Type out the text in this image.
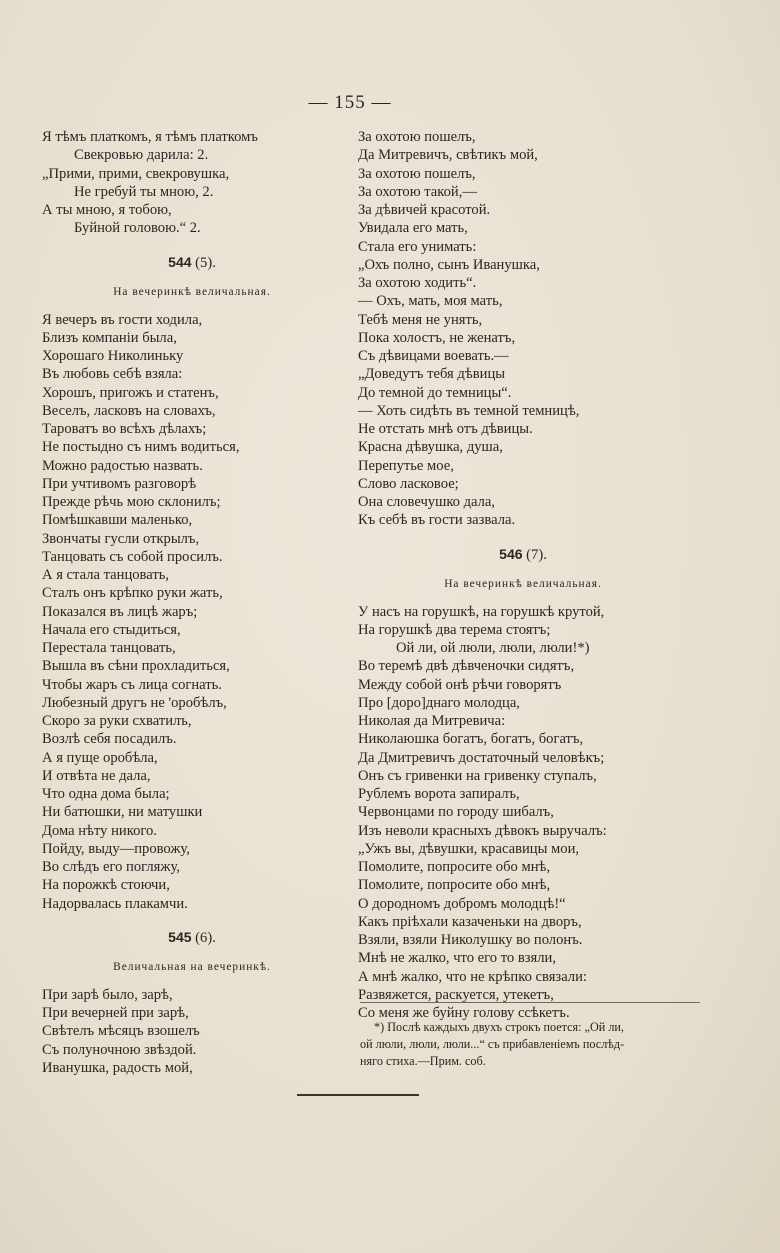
— 155 —
Я тѣмъ платкомъ, я тѣмъ платкомъ
Свекровью дарила: 2.
„Прими, прими, свекровушка,
Не гребуй ты мною, 2.
А ты мною, я тобою,
Буйной головою.“ 2.
544 (5).
На вечеринкѣ величальная.
Я вечеръ въ гости ходила,
Близъ компаніи была,
Хорошаго Николиньку
Въ любовь себѣ взяла:
Хорошъ, пригожъ и статенъ,
Веселъ, ласковъ на словахъ,
Тароватъ во всѣхъ дѣлахъ;
Не постыдно съ нимъ водиться,
Можно радостью назвать.
При учтивомъ разговорѣ
Прежде рѣчь мою склонилъ;
Помѣшкавши маленько,
Звончаты гусли открылъ,
Танцовать съ собой просилъ.
А я стала танцовать,
Сталъ онъ крѣпко руки жать,
Показался въ лицѣ жаръ;
Начала его стыдиться,
Перестала танцовать,
Вышла въ сѣни прохладиться,
Чтобы жаръ съ лица согнать.
Любезный другъ не 'оробѣлъ,
Скоро за руки схватилъ,
Возлѣ себя посадилъ.
А я пуще оробѣла,
И отвѣта не дала,
Что одна дома была;
Ни батюшки, ни матушки
Дома нѣту никого.
Пойду, выду—провожу,
Во слѣдъ его погляжу,
На порожкѣ стоючи,
Надорвалась плакамчи.
545 (6).
Величальная на вечеринкѣ.
При зарѣ было, зарѣ,
При вечерней при зарѣ,
Свѣтелъ мѣсяцъ взошелъ
Съ полуночною звѣздой.
Иванушка, радость мой,
За охотою пошелъ,
Да Митревичъ, свѣтикъ мой,
За охотою пошелъ,
За охотою такой,—
За дѣвичей красотой.
Увидала его мать,
Стала его унимать:
„Охъ полно, сынъ Иванушка,
За охотою ходить“.
— Охъ, мать, моя мать,
Тебѣ меня не унять,
Пока холостъ, не женатъ,
Съ дѣвицами воевать.—
„Доведутъ тебя дѣвицы
До темной до темницы“.
— Хоть сидѣть въ темной темницѣ,
Не отстать мнѣ отъ дѣвицы.
Красна дѣвушка, душа,
Перепутье мое,
Слово ласковое;
Она словечушко дала,
Къ себѣ въ гости зазвала.
546 (7).
На вечеринкѣ величальная.
У насъ на горушкѣ, на горушкѣ крутой,
На горушкѣ два терема стоятъ;
Ой ли, ой люли, люли, люли!*)
Во теремѣ двѣ дѣвченочки сидятъ,
Между собой онѣ рѣчи говорятъ
Про [доро]днаго молодца,
Николая да Митревича:
Николаюшка богатъ, богатъ, богатъ,
Да Дмитревичъ достаточный человѣкъ;
Онъ съ гривенки на гривенку ступалъ,
Рублемъ ворота запиралъ,
Червонцами по городу шибалъ,
Изъ неволи красныхъ дѣвокъ выручалъ:
„Ужъ вы, дѣвушки, красавицы мои,
Помолите, попросите обо мнѣ,
Помолите, попросите обо мнѣ,
О дородномъ добромъ молодцѣ!“
Какъ пріѣхали казаченьки на дворъ,
Взяли, взяли Николушку во полонъ.
Мнѣ не жалко, что его то взяли,
А мнѣ жалко, что не крѣпко связали:
Развяжется, раскуется, утекетъ,
Со меня же буйну голову ссѣкетъ.
*) Послѣ каждыхъ двухъ строкъ поется: „Ой ли,
ой люли, люли, люли...“ съ прибавленіемъ послѣд-
няго стиха.—Прим. соб.
